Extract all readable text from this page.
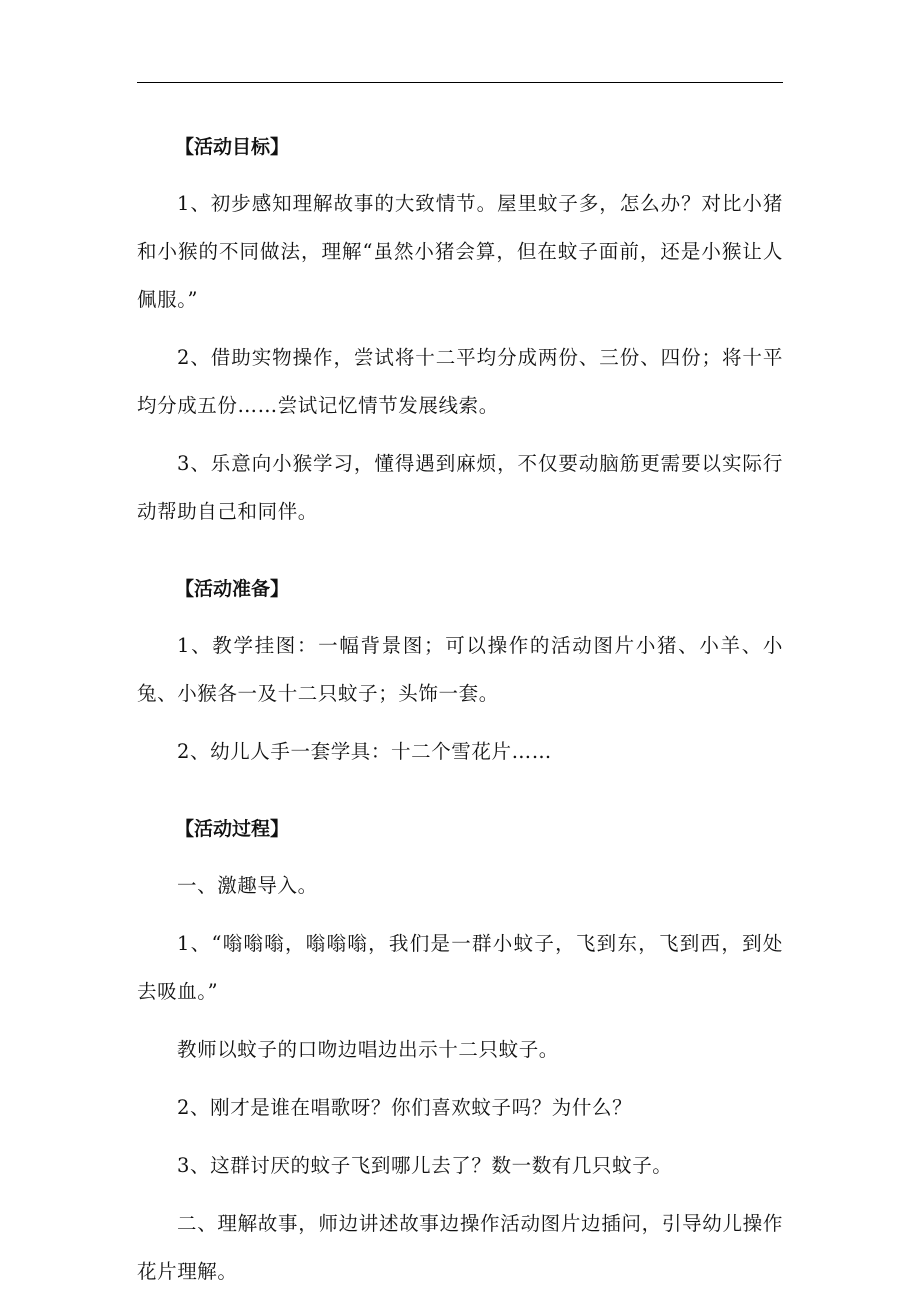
【活动目标】

1、初步感知理解故事的大致情节。屋里蚊子多，怎么办？对比小猪和小猴的不同做法，理解“虽然小猪会算，但在蚊子面前，还是小猴让人佩服。”

2、借助实物操作，尝试将十二平均分成两份、三份、四份；将十平均分成五份……尝试记忆情节发展线索。

3、乐意向小猴学习，懂得遇到麻烦，不仅要动脑筋更需要以实际行动帮助自己和同伴。

【活动准备】

1、教学挂图：一幅背景图；可以操作的活动图片小猪、小羊、小兔、小猴各一及十二只蚊子；头饰一套。

2、幼儿人手一套学具：十二个雪花片……

【活动过程】

一、激趣导入。

1、“嗡嗡嗡，嗡嗡嗡，我们是一群小蚊子，飞到东，飞到西，到处去吸血。”

教师以蚊子的口吻边唱边出示十二只蚊子。

2、刚才是谁在唱歌呀？你们喜欢蚊子吗？为什么？

3、这群讨厌的蚊子飞到哪儿去了？数一数有几只蚊子。

二、理解故事，师边讲述故事边操作活动图片边插问，引导幼儿操作花片理解。
